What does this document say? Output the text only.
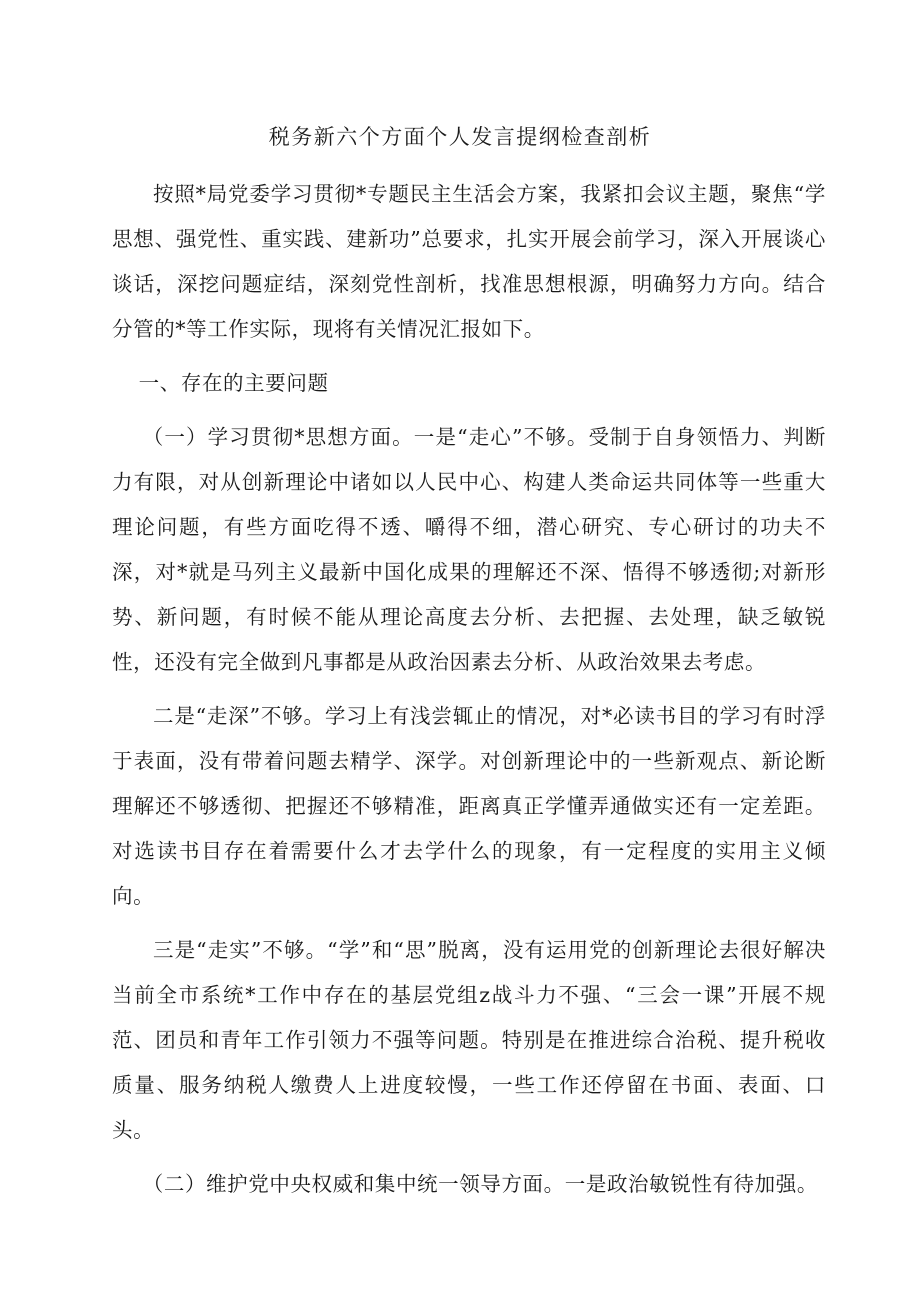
税务新六个方面个人发言提纲检查剖析

按照*局党委学习贯彻*专题民主生活会方案，我紧扣会议主题，聚焦“学思想、强党性、重实践、建新功”总要求，扎实开展会前学习，深入开展谈心谈话，深挖问题症结，深刻党性剖析，找准思想根源，明确努力方向。结合分管的*等工作实际，现将有关情况汇报如下。

一、存在的主要问题

（一）学习贯彻*思想方面。一是“走心”不够。受制于自身领悟力、判断力有限，对从创新理论中诸如以人民中心、构建人类命运共同体等一些重大理论问题，有些方面吃得不透、嚼得不细，潜心研究、专心研讨的功夫不深，对*就是马列主义最新中国化成果的理解还不深、悟得不够透彻;对新形势、新问题，有时候不能从理论高度去分析、去把握、去处理，缺乏敏锐性，还没有完全做到凡事都是从政治因素去分析、从政治效果去考虑。

二是“走深”不够。学习上有浅尝辄止的情况，对*必读书目的学习有时浮于表面，没有带着问题去精学、深学。对创新理论中的一些新观点、新论断理解还不够透彻、把握还不够精准，距离真正学懂弄通做实还有一定差距。对选读书目存在着需要什么才去学什么的现象，有一定程度的实用主义倾向。

三是“走实”不够。“学”和“思”脱离，没有运用党的创新理论去很好解决当前全市系统*工作中存在的基层党组z战斗力不强、“三会一课”开展不规范、团员和青年工作引领力不强等问题。特别是在推进综合治税、提升税收质量、服务纳税人缴费人上进度较慢，一些工作还停留在书面、表面、口头。

（二）维护党中央权威和集中统一领导方面。一是政治敏锐性有待加强。
